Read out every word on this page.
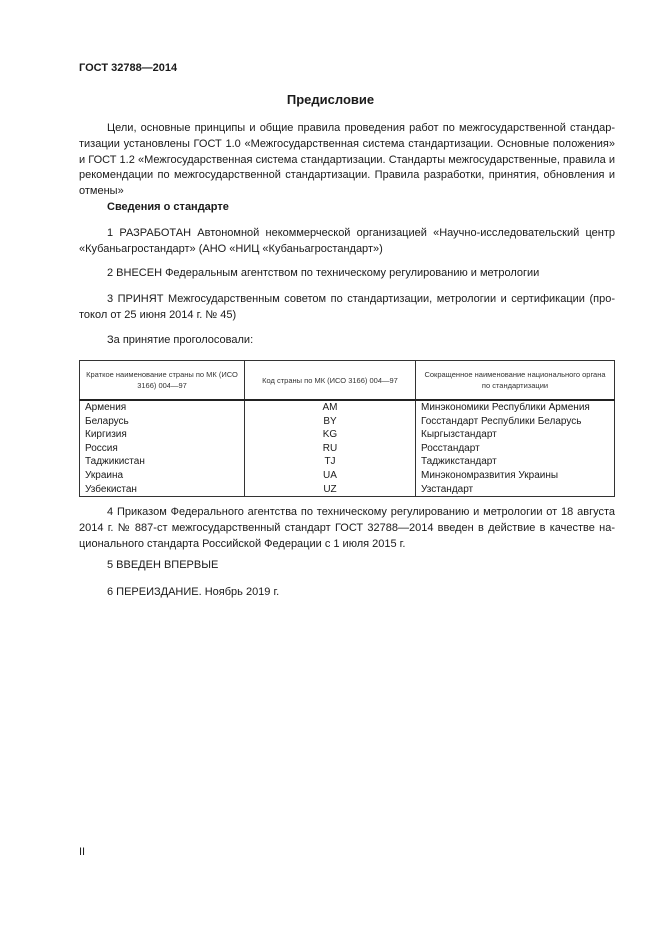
ГОСТ 32788—2014
Предисловие

Цели, основные принципы и общие правила проведения работ по межгосударственной стандартизации установлены ГОСТ 1.0 «Межгосударственная система стандартизации. Основные положения» и ГОСТ 1.2 «Межгосударственная система стандартизации. Стандарты межгосударственные, правила и рекомендации по межгосударственной стандартизации. Правила разработки, принятия, обновления и отмены»

Сведения о стандарте

1 РАЗРАБОТАН Автономной некоммерческой организацией «Научно-исследовательский центр «Кубаньагростандарт» (АНО «НИЦ «Кубаньагростандарт»)

2 ВНЕСЕН Федеральным агентством по техническому регулированию и метрологии

3 ПРИНЯТ Межгосударственным советом по стандартизации, метрологии и сертификации (протокол от 25 июня 2014 г. № 45)

За принятие проголосовали:

Краткое наименование страны по МК (ИСО 3166) 004—97	Код страны по МК (ИСО 3166) 004—97	Сокращенное наименование национального органа по стандартизации
Армения	AM	Минэкономики Республики Армения
Беларусь	BY	Госстандарт Республики Беларусь
Киргизия	KG	Кыргызстандарт
Россия	RU	Росстандарт
Таджикистан	TJ	Таджикстандарт
Украина	UA	Минэкономразвития Украины
Узбекистан	UZ	Узстандарт

4 Приказом Федерального агентства по техническому регулированию и метрологии от 18 августа 2014 г. № 887-ст межгосударственный стандарт ГОСТ 32788—2014 введен в действие в качестве национального стандарта Российской Федерации с 1 июля 2015 г.

5 ВВЕДЕН ВПЕРВЫЕ

6 ПЕРЕИЗДАНИЕ. Ноябрь 2019 г.

II
